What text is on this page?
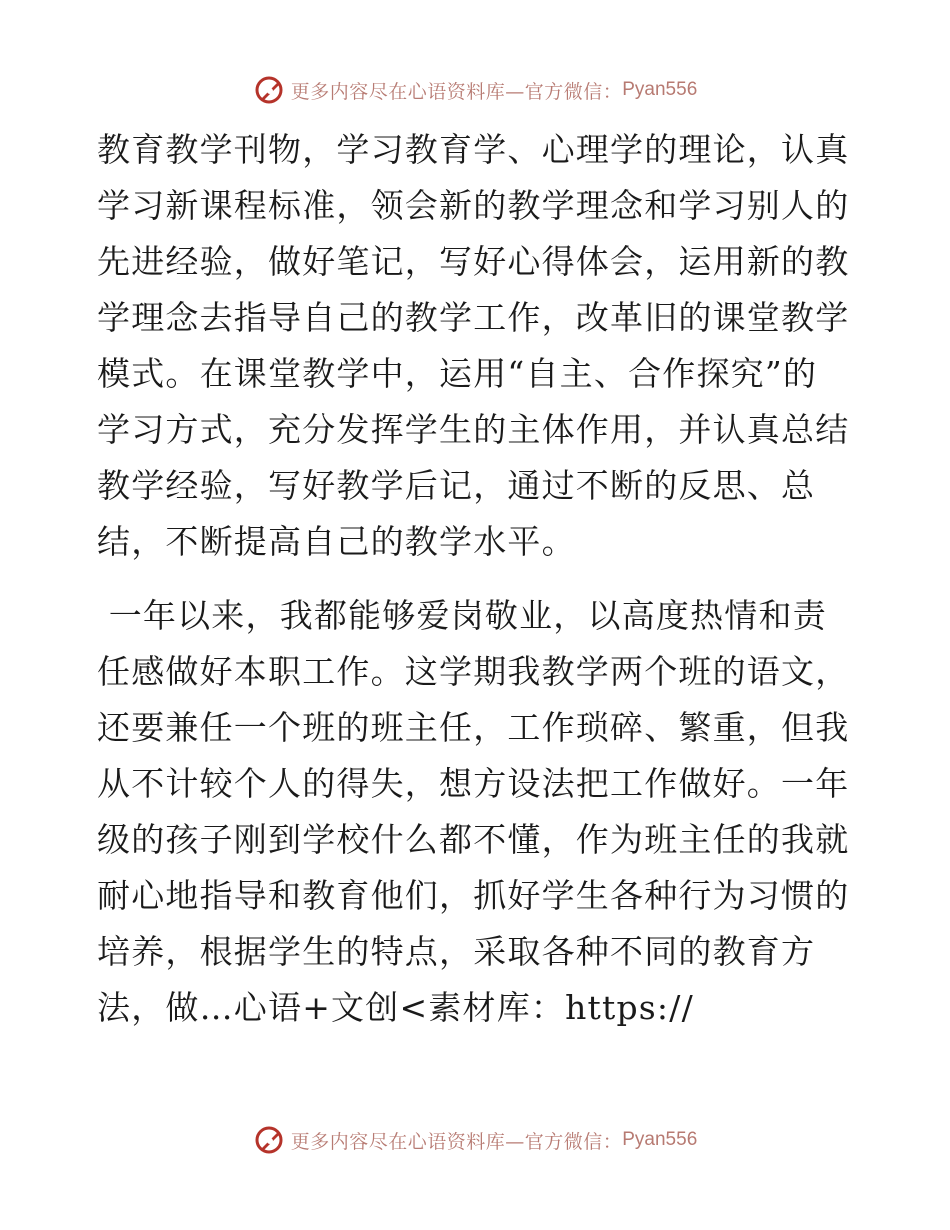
更多内容尽在心语资料库—官方微信： Pyan556
教育教学刊物，学习教育学、心理学的理论，认真
学习新课程标准，领会新的教学理念和学习别人的
先进经验，做好笔记，写好心得体会，运用新的教
学理念去指导自己的教学工作，改革旧的课堂教学
模式。在课堂教学中，运用“自主、合作探究”的
学习方式，充分发挥学生的主体作用，并认真总结
教学经验，写好教学后记，通过不断的反思、总
结，不断提高自己的教学水平。
一年以来，我都能够爱岗敬业，以高度热情和责
任感做好本职工作。这学期我教学两个班的语文，
还要兼任一个班的班主任，工作琐碎、繁重，但我
从不计较个人的得失，想方设法把工作做好。一年
级的孩子刚到学校什么都不懂，作为班主任的我就
耐心地指导和教育他们，抓好学生各种行为习惯的
培养，根据学生的特点，采取各种不同的教育方
法，做…心语+文创<素材库：https://
更多内容尽在心语资料库—官方微信： Pyan556
